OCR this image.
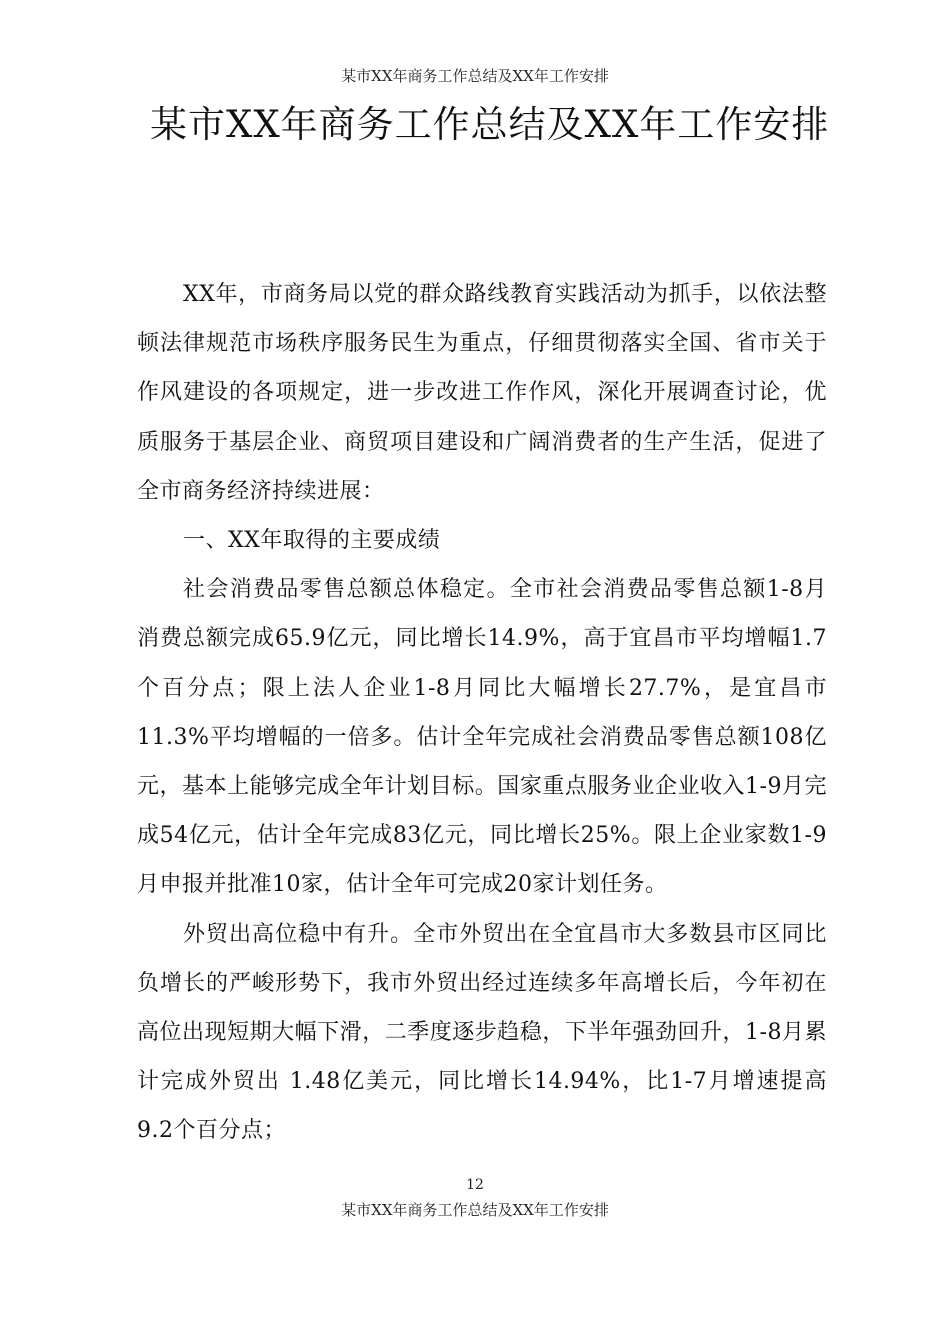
某市XX年商务工作总结及XX年工作安排
某市XX年商务工作总结及XX年工作安排

XX年，市商务局以党的群众路线教育实践活动为抓手，以依法整顿法律规范市场秩序服务民生为重点，仔细贯彻落实全国、省市关于作风建设的各项规定，进一步改进工作作风，深化开展调查讨论，优质服务于基层企业、商贸项目建设和广阔消费者的生产生活，促进了全市商务经济持续进展：

一、XX年取得的主要成绩

社会消费品零售总额总体稳定。全市社会消费品零售总额1-8月消费总额完成65.9亿元，同比增长14.9%，高于宜昌市平均增幅1.7个百分点；限上法人企业1-8月同比大幅增长27.7%，是宜昌市11.3%平均增幅的一倍多。估计全年完成社会消费品零售总额108亿元，基本上能够完成全年计划目标。国家重点服务业企业收入1-9月完成54亿元，估计全年完成83亿元，同比增长25%。限上企业家数1-9月申报并批准10家，估计全年可完成20家计划任务。

外贸出高位稳中有升。全市外贸出在全宜昌市大多数县市区同比负增长的严峻形势下，我市外贸出经过连续多年高增长后，今年初在高位出现短期大幅下滑，二季度逐步趋稳，下半年强劲回升，1-8月累计完成外贸出 1.48亿美元，同比增长14.94%，比1-7月增速提高9.2个百分点；

12
某市XX年商务工作总结及XX年工作安排
